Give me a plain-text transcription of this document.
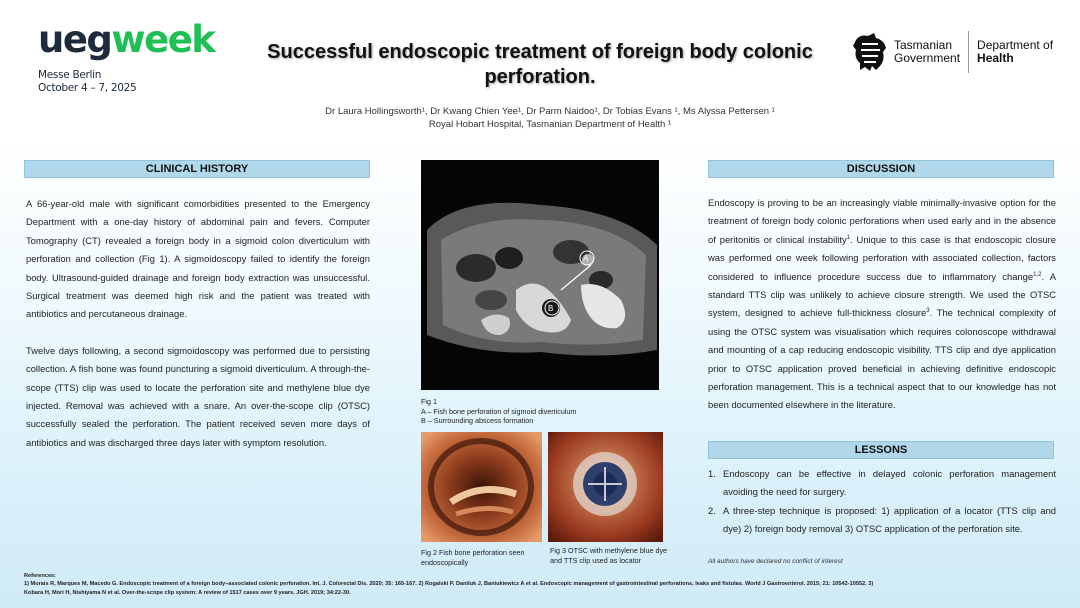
uegweek
Messe Berlin
October 4 – 7, 2025
Successful endoscopic treatment of foreign body colonic perforation.
Dr Laura Hollingsworth¹, Dr Kwang Chien Yee¹, Dr Parm Naidoo¹, Dr Tobias Evans ¹, Ms Alyssa Pettersen ¹
Royal Hobart Hospital, Tasmanian Department of Health ¹
Tasmanian
Government
Department of
Health
CLINICAL HISTORY

A 66-year-old male with significant comorbidities presented to the Emergency Department with a one-day history of abdominal pain and fevers. Computer Tomography (CT) revealed a foreign body in a sigmoid colon diverticulum with perforation and collection (Fig 1). A sigmoidoscopy failed to identify the foreign body. Ultrasound-guided drainage and foreign body extraction was unsuccessful. Surgical treatment was deemed high risk and the patient was treated with antibiotics and percutaneous drainage.

Twelve days following, a second sigmoidoscopy was performed due to persisting collection. A fish bone was found puncturing a sigmoid diverticulum. A through-the-scope (TTS) clip was used to locate the perforation site and methylene blue dye injected. Removal was achieved with a snare. An over-the-scope clip (OTSC) successfully sealed the perforation. The patient received seven more days of antibiotics and was discharged three days later with symptom resolution.

A
B
Fig 1
A – Fish bone perforation of sigmoid diverticulum
B – Surrounding abscess formation
Fig 2 Fish bone perforation seen endoscopically
Fig 3 OTSC with methylene blue dye and TTS clip used as locator
DISCUSSION
Endoscopy is proving to be an increasingly viable minimally-invasive option for the treatment of foreign body colonic perforations when used early and in the absence of peritonitis or clinical instability$^1$. Unique to this case is that endoscopic closure was performed one week following perforation with associated collection, factors considered to influence procedure success due to inflammatory change$^{1,2}$. A standard TTS clip was unlikely to achieve closure strength. We used the OTSC system, designed to achieve full-thickness closure$^3$. The technical complexity of using the OTSC system was visualisation which requires colonoscope withdrawal and mounting of a cap reducing endoscopic visibility. TTS clip and dye application prior to OTSC application proved beneficial in achieving definitive endoscopic perforation management. This is a technical aspect that to our knowledge has not been documented elsewhere in the literature.
LESSONS
1. Endoscopy can be effective in delayed colonic perforation management avoiding the need for surgery.
2. A three-step technique is proposed: 1) application of a locator (TTS clip and dye) 2) foreign body removal 3) OTSC application of the perforation site.
All authors have declared no conflict of interest
References:
1) Morais R, Marques M, Macedo G. Endoscopic treatment of a foreign body–associated colonic perforation. Int. J. Colorectal Dis. 2020; 35: 165-167. 2) Rogalski P, Daniluk J, Baniukiewicz A et al. Endoscopic management of gastrointestinal perforations, leaks and fistulas. World J Gastroenterol. 2015; 21: 10542-10552. 3)
Kobara H, Mori H, Nishiyama N et al. Over-the-scope clip system: A review of 1517 cases over 9 years. JGH. 2019; 34:22-30.
